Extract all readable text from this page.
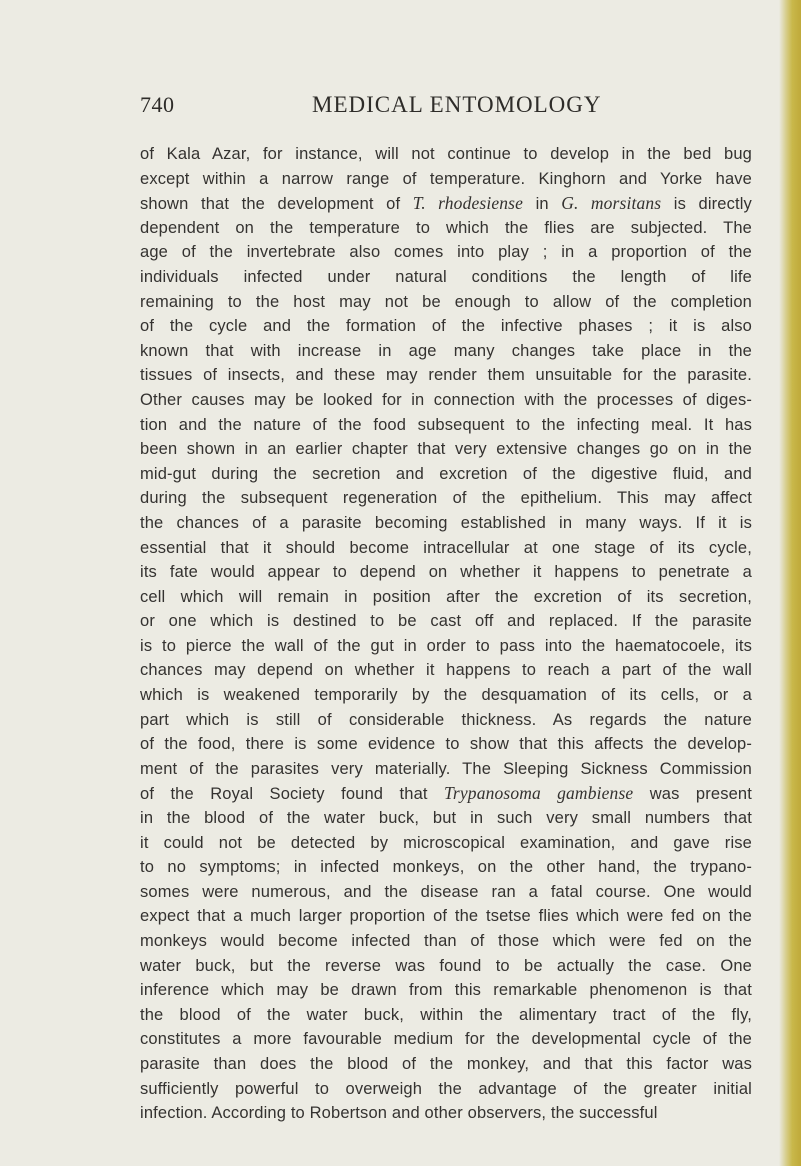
740	MEDICAL ENTOMOLOGY
of Kala Azar, for instance, will not continue to develop in the bed bug
except within a narrow range of temperature. Kinghorn and Yorke have
shown that the development of T. rhodesiense in G. morsitans is directly
dependent on the temperature to which the flies are subjected. The
age of the invertebrate also comes into play ; in a proportion of the
individuals infected under natural conditions the length of life
remaining to the host may not be enough to allow of the completion
of the cycle and the formation of the infective phases ; it is also
known that with increase in age many changes take place in the
tissues of insects, and these may render them unsuitable for the parasite.
Other causes may be looked for in connection with the processes of diges-
tion and the nature of the food subsequent to the infecting meal. It has
been shown in an earlier chapter that very extensive changes go on in the
mid-gut during the secretion and excretion of the digestive fluid, and
during the subsequent regeneration of the epithelium. This may affect
the chances of a parasite becoming established in many ways. If it is
essential that it should become intracellular at one stage of its cycle,
its fate would appear to depend on whether it happens to penetrate a
cell which will remain in position after the excretion of its secretion,
or one which is destined to be cast off and replaced. If the parasite
is to pierce the wall of the gut in order to pass into the haematocoele, its
chances may depend on whether it happens to reach a part of the wall
which is weakened temporarily by the desquamation of its cells, or a
part which is still of considerable thickness. As regards the nature
of the food, there is some evidence to show that this affects the develop-
ment of the parasites very materially. The Sleeping Sickness Commission
of the Royal Society found that Trypanosoma gambiense was present
in the blood of the water buck, but in such very small numbers that
it could not be detected by microscopical examination, and gave rise
to no symptoms; in infected monkeys, on the other hand, the trypano-
somes were numerous, and the disease ran a fatal course. One would
expect that a much larger proportion of the tsetse flies which were fed on the
monkeys would become infected than of those which were fed on the
water buck, but the reverse was found to be actually the case. One
inference which may be drawn from this remarkable phenomenon is that
the blood of the water buck, within the alimentary tract of the fly,
constitutes a more favourable medium for the developmental cycle of the
parasite than does the blood of the monkey, and that this factor was
sufficiently powerful to overweigh the advantage of the greater initial
infection. According to Robertson and other observers, the successful
